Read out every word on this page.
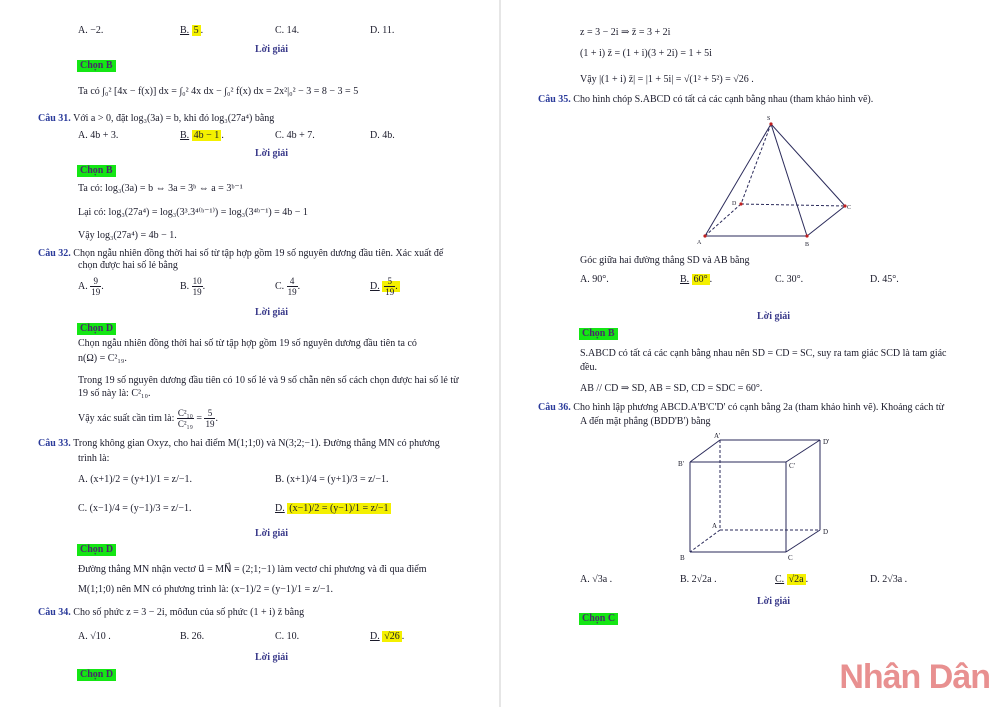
A. −2.	B. 5 .	C. 14.	D. 11.
Lời giải
Chọn B
Ta có ∫₀² [4x − f(x)] dx = ∫₀² 4x dx − ∫₀² f(x) dx = 2x²|₀² − 3 = 8 − 3 = 5
Câu 31. Với a > 0, đặt log₃(3a) = b, khi đó log₃(27a⁴) bằng
A. 4b + 3.	B. 4b − 1 .	C. 4b + 7.	D. 4b.
Lời giải
Chọn B
Ta có: log₃(3a) = b ⇔ 3a = 3ᵇ ⇔ a = 3ᵇ⁻¹
Lại có: log₃(27a⁴) = log₃(3³.3⁴⁽ᵇ⁻¹⁾) = log₃(3⁴ᵇ⁻¹) = 4b − 1
Vậy log₃(27a⁴) = 4b − 1.
Câu 32. Chọn ngẫu nhiên đồng thời hai số từ tập hợp gồm 19 số nguyên dương đầu tiên. Xác xuất để
chọn được hai số lẻ bằng
A. $\frac{9}{19}$ .	B. $\frac{10}{19}$ .	C. $\frac{4}{19}$ .	D. $\frac{5}{19}$ .
Lời giải
Chọn D
Chọn ngẫu nhiên đồng thời hai số từ tập hợp gồm 19 số nguyên dương đầu tiên ta có
n(Ω) = C²₁₉.
Trong 19 số nguyên dương đầu tiên có 10 số lẻ và 9 số chẵn nên số cách chọn được hai số lẻ từ
19 số này là: C²₁₀.
Vậy xác suất cần tìm là: $\frac{\text{C²₁₀}}{\text{C²₁₉}} = \frac{5}{19}$ .
Câu 33. Trong không gian Oxyz, cho hai điểm M(1;1;0) và N(3;2;−1). Đường thẳng MN có phương
trình là:
A. (x+1)/2 = (y+1)/1 = z/−1.	B. (x+1)/4 = (y+1)/3 = z/−1.
C. (x−1)/4 = (y−1)/3 = z/−1.	D. (x−1)/2 = (y−1)/1 = z/−1
Lời giải
Chọn D
Đường thẳng MN nhận vectơ u⃗ = MN⃗ = (2;1;−1) làm vectơ chỉ phương và đi qua điểm
M(1;1;0) nên MN có phương trình là: (x−1)/2 = (y−1)/1 = z/−1.
Câu 34. Cho số phức z = 3 − 2i, môđun của số phức (1 + i) z̄ bằng
A. √10 .	B. 26.	C. 10.	D. √26 .
Lời giải
Chọn D
z = 3 − 2i ⇒ z̄ = 3 + 2i
(1 + i) z̄ = (1 + i)(3 + 2i) = 1 + 5i
Vậy |(1 + i) z̄| = |1 + 5i| = √(1² + 5²) = √26 .
Câu 35. Cho hình chóp S.ABCD có tất cả các cạnh bằng nhau (tham khảo hình vẽ).
S
A	B
C
D
Góc giữa hai đường thẳng SD và AB bằng
A. 90°.	B. 60° .	C. 30°.	D. 45°.
Lời giải
Chọn B
S.ABCD có tất cả các cạnh bằng nhau nên SD = CD = SC, suy ra tam giác SCD là tam giác
đều.
AB // CD ⇒ SD, AB = SD, CD = SDC = 60°.
Câu 36. Cho hình lập phương ABCD.A'B'C'D' có cạnh bằng 2a (tham khảo hình vẽ). Khoảng cách từ
A đến mặt phẳng (BDD'B') bằng
A'
D'
B'	C'
A
D
B	C
A. √3a .	B. 2√2a .	C. √2a .	D. 2√3a .
Lời giải
Chọn C
Nhân Dân
